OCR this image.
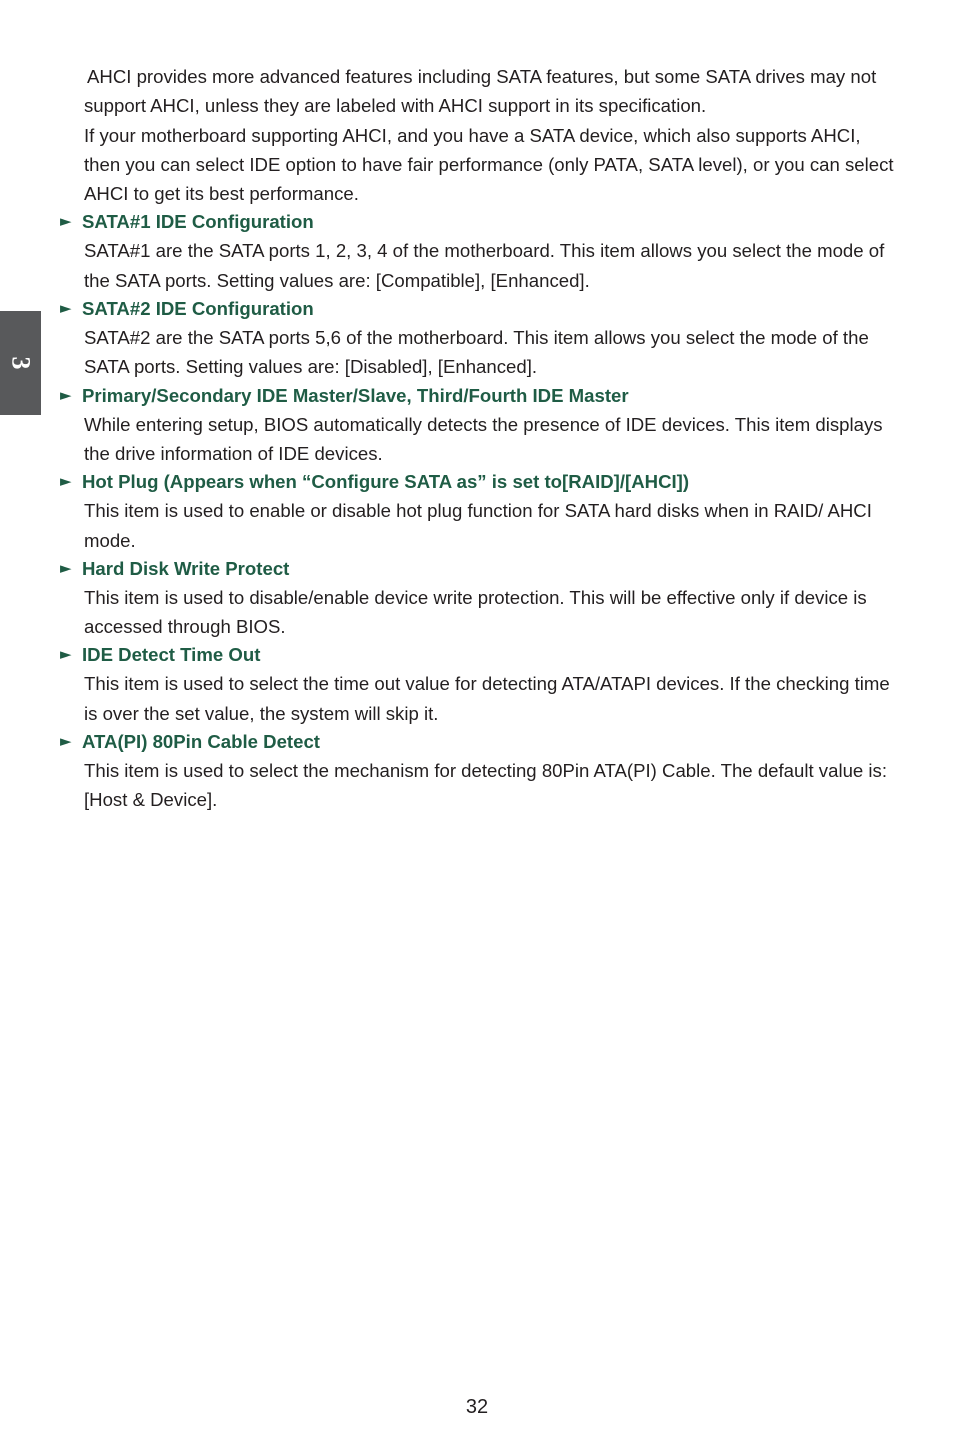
3

AHCI provides more advanced features including SATA features, but some SATA drives may not support AHCI, unless they are labeled with AHCI support in its specification.

If your motherboard supporting AHCI, and you have a SATA device, which also supports AHCI, then you can select IDE option to have fair performance (only PATA, SATA level), or you can select AHCI to get its best performance.

► SATA#1 IDE Configuration

SATA#1 are the SATA ports 1, 2, 3, 4 of the motherboard. This item allows you select the mode of the SATA ports. Setting values are: [Compatible], [Enhanced].

► SATA#2 IDE Configuration

SATA#2 are the SATA ports 5,6 of the motherboard. This item allows you select the mode of the SATA ports. Setting values are: [Disabled], [Enhanced].

► Primary/Secondary IDE Master/Slave, Third/Fourth IDE Master

While entering setup, BIOS automatically detects the presence of IDE devices. This item displays the drive information of IDE devices.

► Hot Plug (Appears when “Configure SATA as” is set to[RAID]/[AHCI])

This item is used to enable or disable hot plug function for SATA hard disks when in RAID/ AHCI mode.

► Hard Disk Write Protect

This item is used to disable/enable device write protection. This will be effective only if device is accessed through BIOS.

► IDE Detect Time Out

This item is used to select the time out value for detecting ATA/ATAPI devices. If the checking time is over the set value, the system will skip it.

► ATA(PI) 80Pin Cable Detect

This item is used to select the mechanism for detecting 80Pin ATA(PI) Cable. The default value is: [Host & Device].

32
